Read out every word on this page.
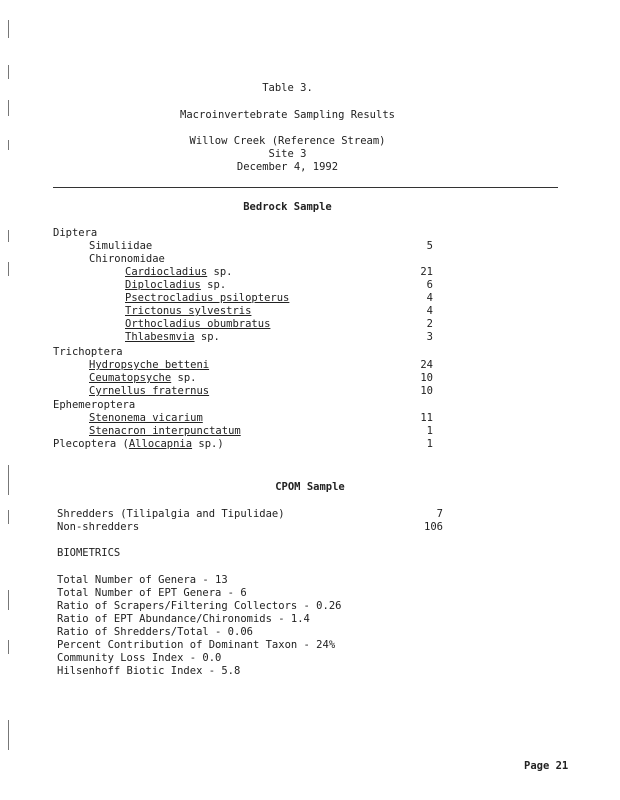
Table 3.
Macroinvertebrate Sampling Results
Willow Creek (Reference Stream)
Site 3
December 4, 1992
Bedrock Sample
Diptera
Simuliidae	5
Chironomidae
Cardiocladius sp.	21
Diplocladius sp.	6
Psectrocladius psilopterus	4
Trictonus sylvestris	4
Orthocladius obumbratus	2
Thlabesmvia sp.	3
Trichoptera
Hydropsyche betteni	24
Ceumatopsyche sp.	10
Cyrnellus fraternus	10
Ephemeroptera
Stenonema vicarium	11
Stenacron interpunctatum	1
Plecoptera (Allocapnia sp.)	1
CPOM Sample
Shredders (Tilipalgia and Tipulidae)	7
Non-shredders	106
BIOMETRICS
Total Number of Genera - 13
Total Number of EPT Genera - 6
Ratio of Scrapers/Filtering Collectors - 0.26
Ratio of EPT Abundance/Chironomids - 1.4
Ratio of Shredders/Total - 0.06
Percent Contribution of Dominant Taxon - 24%
Community Loss Index - 0.0
Hilsenhoff Biotic Index - 5.8
Page 21
